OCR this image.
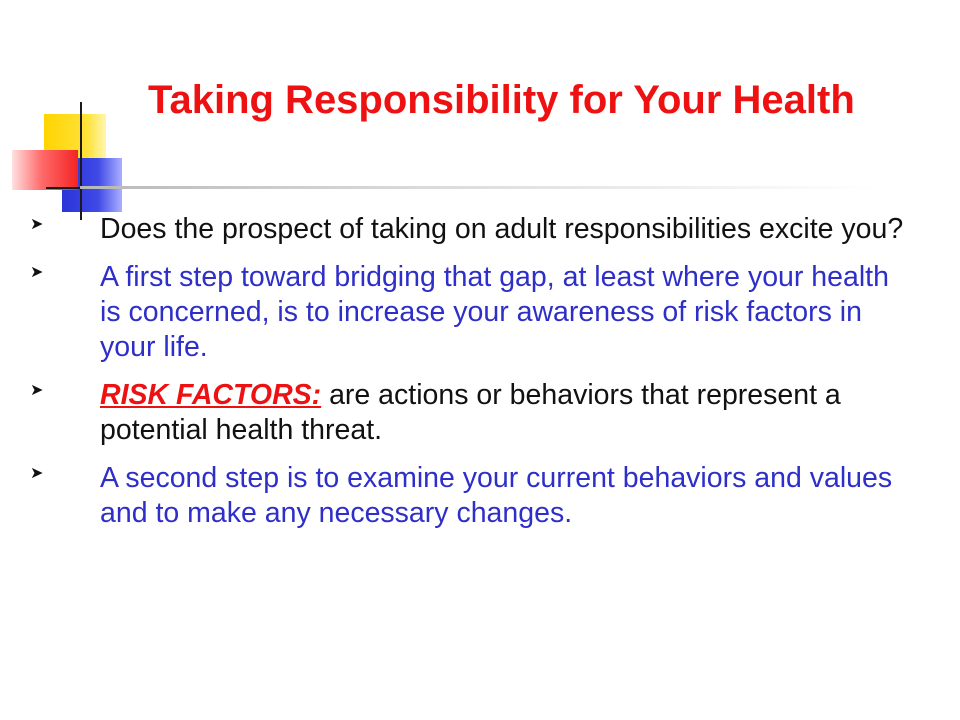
Taking Responsibility for Your Health
➤ Does the prospect of taking on adult responsibilities excite you?
➤ A first step toward bridging that gap, at least where your health is concerned, is to increase your awareness of risk factors in your life.
➤ RISK FACTORS: are actions or behaviors that represent a potential health threat.
➤ A second step is to examine your current behaviors and values and to make any necessary changes.
